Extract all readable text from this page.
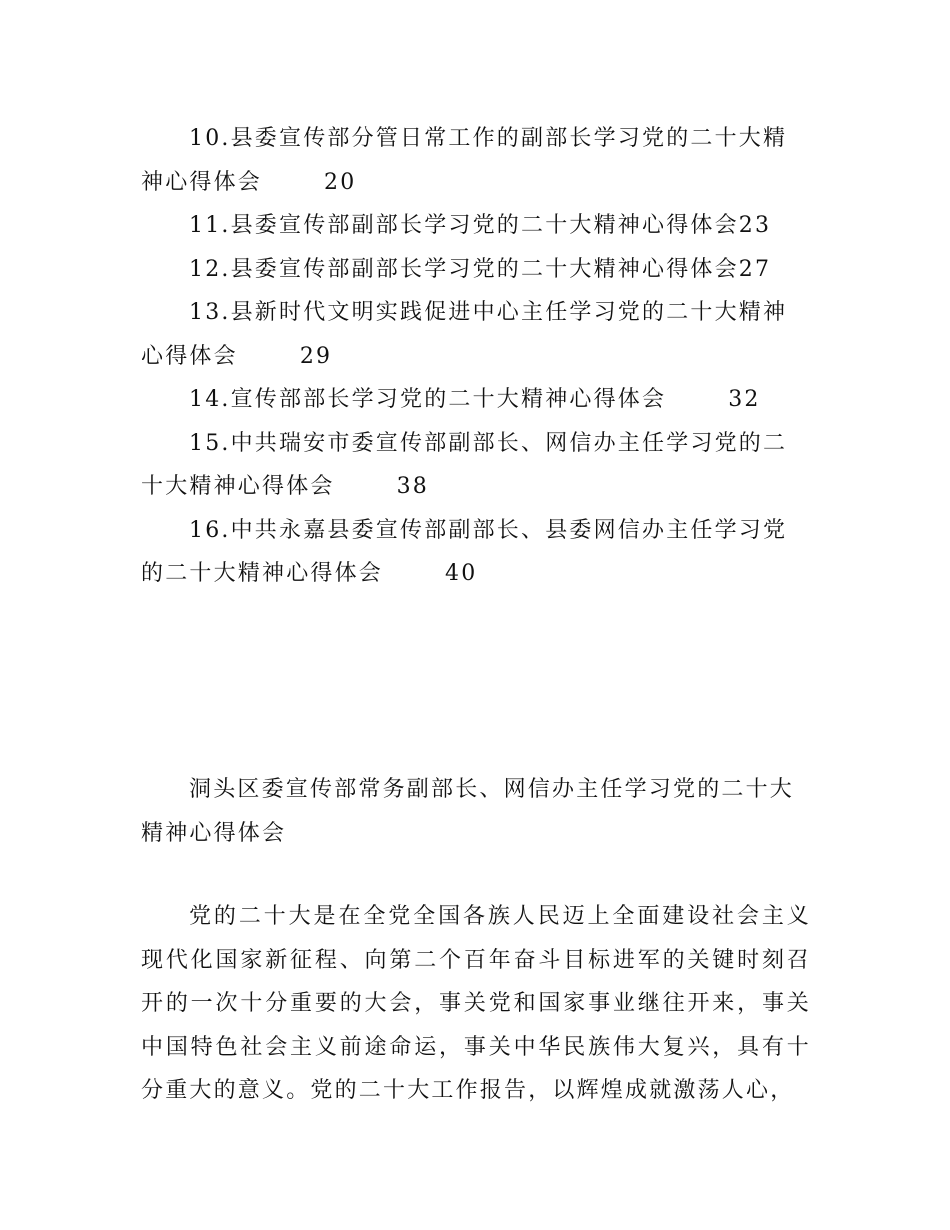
10.县委宣传部分管日常工作的副部长学习党的二十大精神心得体会	20

11.县委宣传部副部长学习党的二十大精神心得体会23

12.县委宣传部副部长学习党的二十大精神心得体会27

13.县新时代文明实践促进中心主任学习党的二十大精神心得体会	29

14.宣传部部长学习党的二十大精神心得体会	32

15.中共瑞安市委宣传部副部长、网信办主任学习党的二十大精神心得体会	38

16.中共永嘉县委宣传部副部长、县委网信办主任学习党的二十大精神心得体会	40

洞头区委宣传部常务副部长、网信办主任学习党的二十大精神心得体会

党的二十大是在全党全国各族人民迈上全面建设社会主义现代化国家新征程、向第二个百年奋斗目标进军的关键时刻召开的一次十分重要的大会，事关党和国家事业继往开来，事关中国特色社会主义前途命运，事关中华民族伟大复兴，具有十分重大的意义。党的二十大工作报告，以辉煌成就激荡人心，
